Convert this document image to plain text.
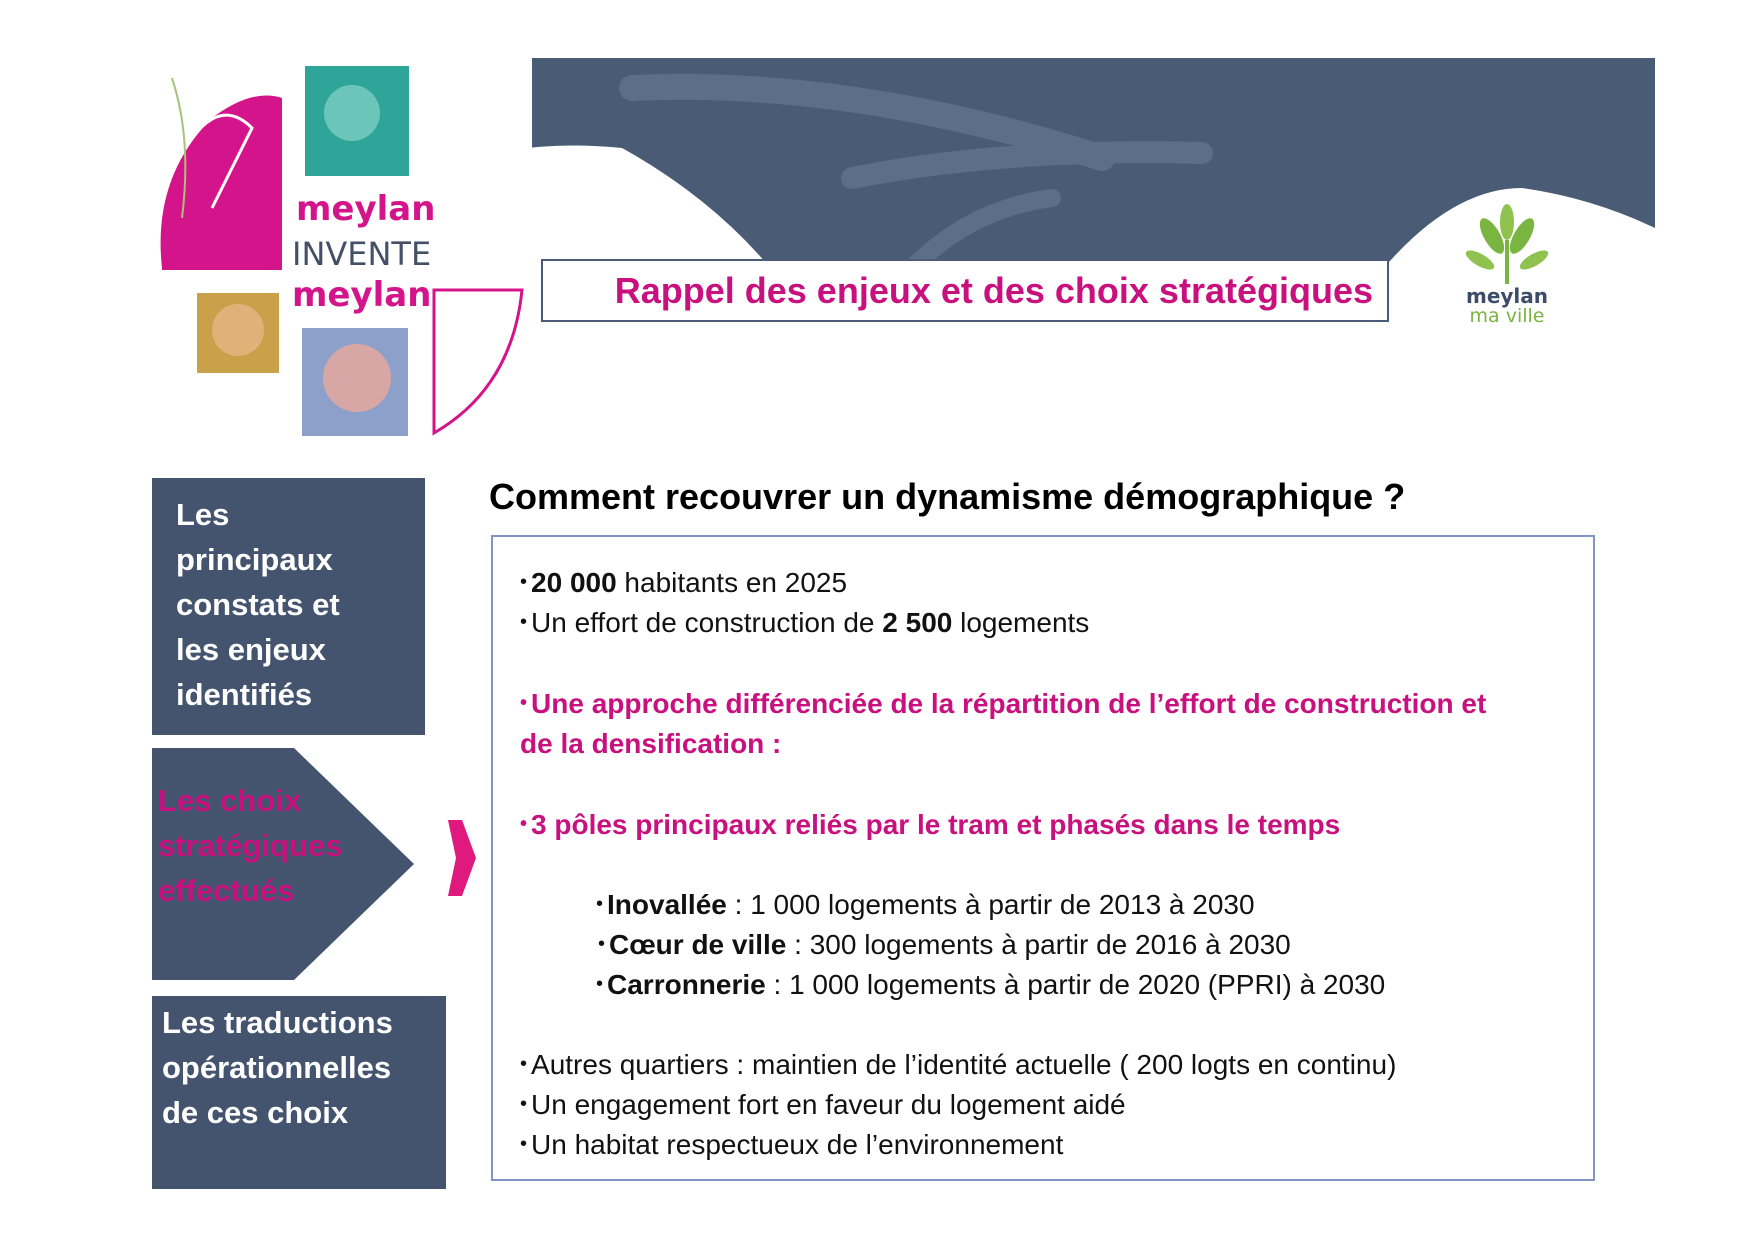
RÉ meylan
INVENTE
meylan	Rappel des enjeux et des choix stratégiques	meylan
ma ville
Les
principaux
constats et
les enjeux
identifiés
Les choix
stratégiques
effectués
Les traductions
opérationnelles
de ces choix
Comment recouvrer un dynamisme démographique ?
• 20 000 habitants en 2025
• Un effort de construction de 2 500 logements
• Une approche différenciée de la répartition de l’effort de construction et
de la densification :
• 3 pôles principaux reliés par le tram et phasés dans le temps
• Inovallée : 1 000 logements à partir de 2013 à 2030
• Cœur de ville : 300 logements à partir de 2016 à 2030
• Carronnerie : 1 000 logements à partir de 2020 (PPRI) à 2030
• Autres quartiers : maintien de l’identité actuelle ( 200 logts en continu)
• Un engagement fort en faveur du logement aidé
• Un habitat respectueux de l’environnement
